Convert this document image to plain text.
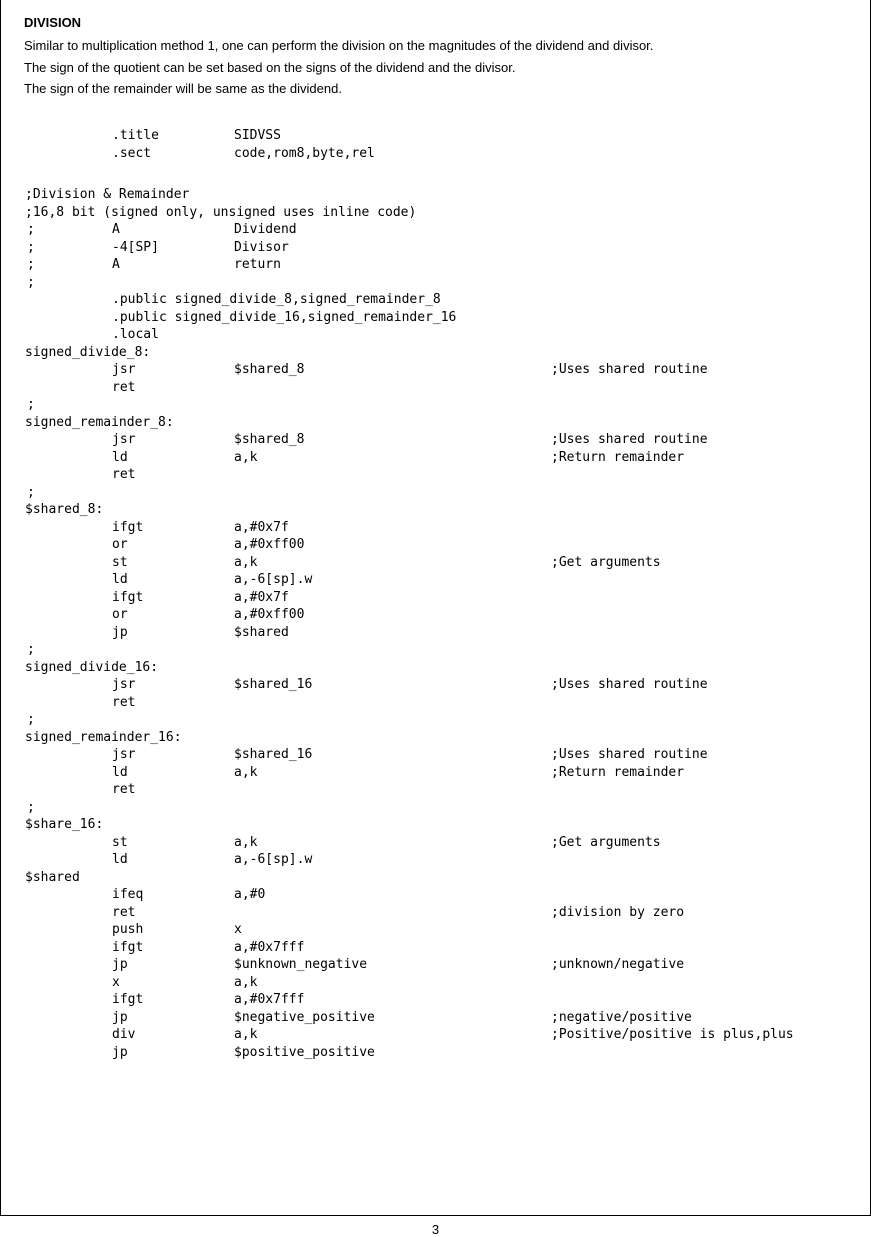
DIVISION
Similar to multiplication method 1, one can perform the division on the magnitudes of the dividend and divisor.
The sign of the quotient can be set based on the signs of the dividend and the divisor.
The sign of the remainder will be same as the dividend.
.title	SIDVSS
.sect	code,rom8,byte,rel
;Division & Remainder
;16,8 bit (signed only, unsigned uses inline code)
;	A	Dividend
;	-4[SP]	Divisor
;	A	return
;
.public signed_divide_8,signed_remainder_8
.public signed_divide_16,signed_remainder_16
.local
signed_divide_8:
jsr	$shared_8	;Uses shared routine
ret
;
signed_remainder_8:
jsr	$shared_8	;Uses shared routine
ld	a,k	;Return remainder
ret
;
$shared_8:
ifgt	a,#0x7f
or	a,#0xff00
st	a,k	;Get arguments
ld	a,-6[sp].w
ifgt	a,#0x7f
or	a,#0xff00
jp	$shared
;
signed_divide_16:
jsr	$shared_16	;Uses shared routine
ret
;
signed_remainder_16:
jsr	$shared_16	;Uses shared routine
ld	a,k	;Return remainder
ret
;
$share_16:
st	a,k	;Get arguments
ld	a,-6[sp].w
$shared
ifeq	a,#0
ret	;division by zero
push	x
ifgt	a,#0x7fff
jp	$unknown_negative	;unknown/negative
x	a,k
ifgt	a,#0x7fff
jp	$negative_positive	;negative/positive
div	a,k	;Positive/positive is plus,plus
jp	$positive_positive
3
